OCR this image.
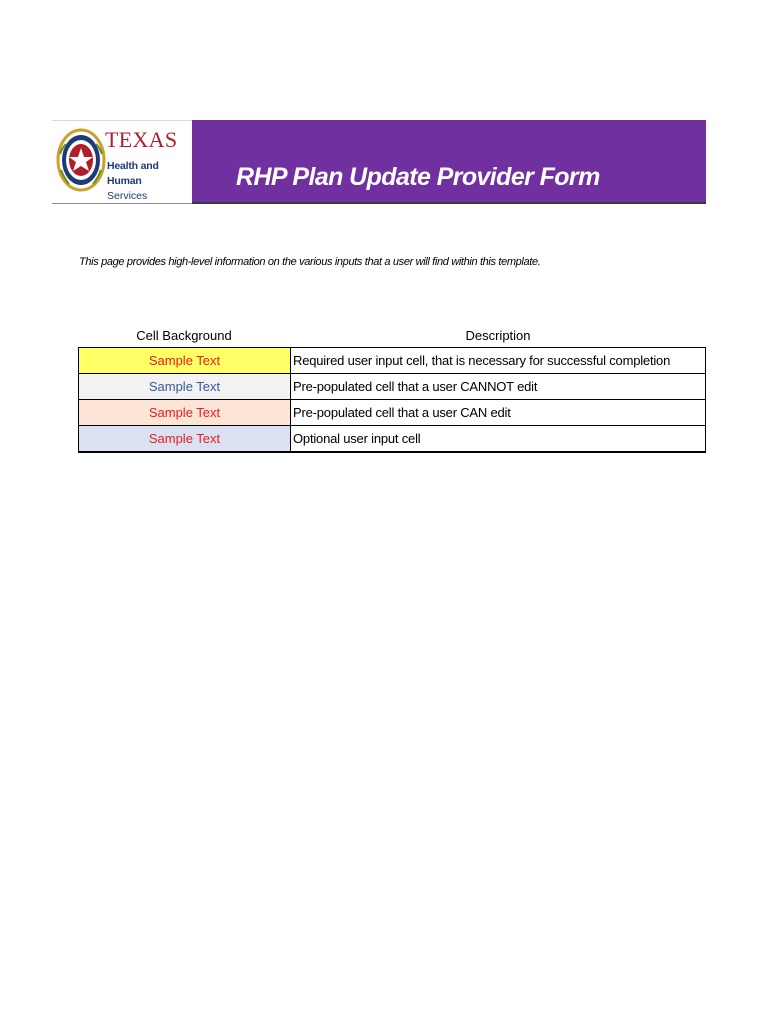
TEXAS
Health and Human
Services
RHP Plan Update Provider Form
This page provides high-level information on the various inputs that a user will find within this template.
Cell Background	Description
Sample Text	Required user input cell, that is necessary for successful completion
Sample Text	Pre-populated cell that a user CANNOT edit
Sample Text	Pre-populated cell that a user CAN edit
Sample Text	Optional user input cell
